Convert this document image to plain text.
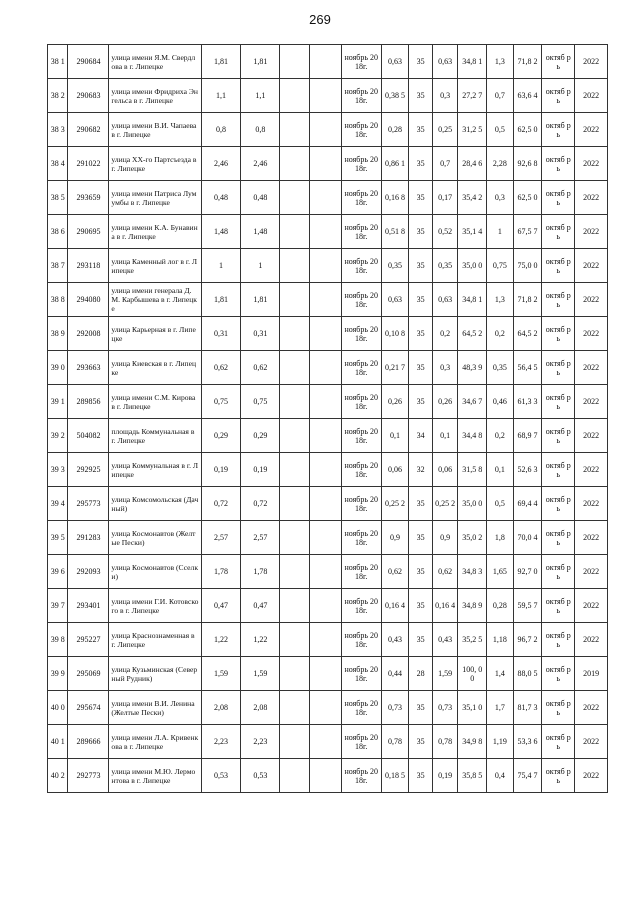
269
38 1	290684	улица имени Я.М. Свердлова в г. Липецке	1,81	1,81			ноябрь 2018г.	0,63	35	0,63	34,8 1	1,3	71,8 2	октяб рь	2022
38 2	290683	улица имени Фридриха Энгельса в г. Липецке	1,1	1,1			ноябрь 2018г.	0,38 5	35	0,3	27,2 7	0,7	63,6 4	октяб рь	2022
38 3	290682	улица имени В.И. Чапаева в г. Липецке	0,8	0,8			ноябрь 2018г.	0,28	35	0,25	31,2 5	0,5	62,5 0	октяб рь	2022
38 4	291022	улица XX-го Партсъезда в г. Липецке	2,46	2,46			ноябрь 2018г.	0,86 1	35	0,7	28,4 6	2,28	92,6 8	октяб рь	2022
38 5	293659	улица имени Патриса Лумумбы в г. Липецке	0,48	0,48			ноябрь 2018г.	0,16 8	35	0,17	35,4 2	0,3	62,5 0	октяб рь	2022
38 6	290695	улица имени К.А. Бунавина в г. Липецке	1,48	1,48			ноябрь 2018г.	0,51 8	35	0,52	35,1 4	1	67,5 7	октяб рь	2022
38 7	293118	улица Каменный лог в г. Липецке	1	1			ноябрь 2018г.	0,35	35	0,35	35,0 0	0,75	75,0 0	октяб рь	2022
38 8	294080	улица имени генерала Д.М. Карбышева в г. Липецке	1,81	1,81			ноябрь 2018г.	0,63	35	0,63	34,8 1	1,3	71,8 2	октяб рь	2022
38 9	292008	улица Карьерная в г. Липецке	0,31	0,31			ноябрь 2018г.	0,10 8	35	0,2	64,5 2	0,2	64,5 2	октяб рь	2022
39 0	293663	улица Киевская в г. Липецке	0,62	0,62			ноябрь 2018г.	0,21 7	35	0,3	48,3 9	0,35	56,4 5	октяб рь	2022
39 1	289856	улица имени С.М. Кирова в г. Липецке	0,75	0,75			ноябрь 2018г.	0,26	35	0,26	34,6 7	0,46	61,3 3	октяб рь	2022
39 2	504082	площадь Коммунальная в г. Липецке	0,29	0,29			ноябрь 2018г.	0,1	34	0,1	34,4 8	0,2	68,9 7	октяб рь	2022
39 3	292925	улица Коммунальная в г. Липецке	0,19	0,19			ноябрь 2018г.	0,06	32	0,06	31,5 8	0,1	52,6 3	октяб рь	2022
39 4	295773	улица Комсомольская (Дачный)	0,72	0,72			ноябрь 2018г.	0,25 2	35	0,25 2	35,0 0	0,5	69,4 4	октяб рь	2022
39 5	291283	улица Космонавтов (Желтые Пески)	2,57	2,57			ноябрь 2018г.	0,9	35	0,9	35,0 2	1,8	70,0 4	октяб рь	2022
39 6	292093	улица Космонавтов (Сселки)	1,78	1,78			ноябрь 2018г.	0,62	35	0,62	34,8 3	1,65	92,7 0	октяб рь	2022
39 7	293401	улица имени Г.И. Котовского в г. Липецке	0,47	0,47			ноябрь 2018г.	0,16 4	35	0,16 4	34,8 9	0,28	59,5 7	октяб рь	2022
39 8	295227	улица Краснознаменная в г. Липецке	1,22	1,22			ноябрь 2018г.	0,43	35	0,43	35,2 5	1,18	96,7 2	октяб рь	2022
39 9	295069	улица Кузьминская (Северный Рудник)	1,59	1,59			ноябрь 2018г.	0,44	28	1,59	100, 00	1,4	88,0 5	октяб рь	2019
40 0	295674	улица имени В.И. Ленина (Желтые Пески)	2,08	2,08			ноябрь 2018г.	0,73	35	0,73	35,1 0	1,7	81,7 3	октяб рь	2022
40 1	289666	улица имени Л.А. Кривенкова в г. Липецке	2,23	2,23			ноябрь 2018г.	0,78	35	0,78	34,9 8	1,19	53,3 6	октяб рь	2022
40 2	292773	улица имени М.Ю. Лермонтова в г. Липецке	0,53	0,53			ноябрь 2018г.	0,18 5	35	0,19	35,8 5	0,4	75,4 7	октяб рь	2022
